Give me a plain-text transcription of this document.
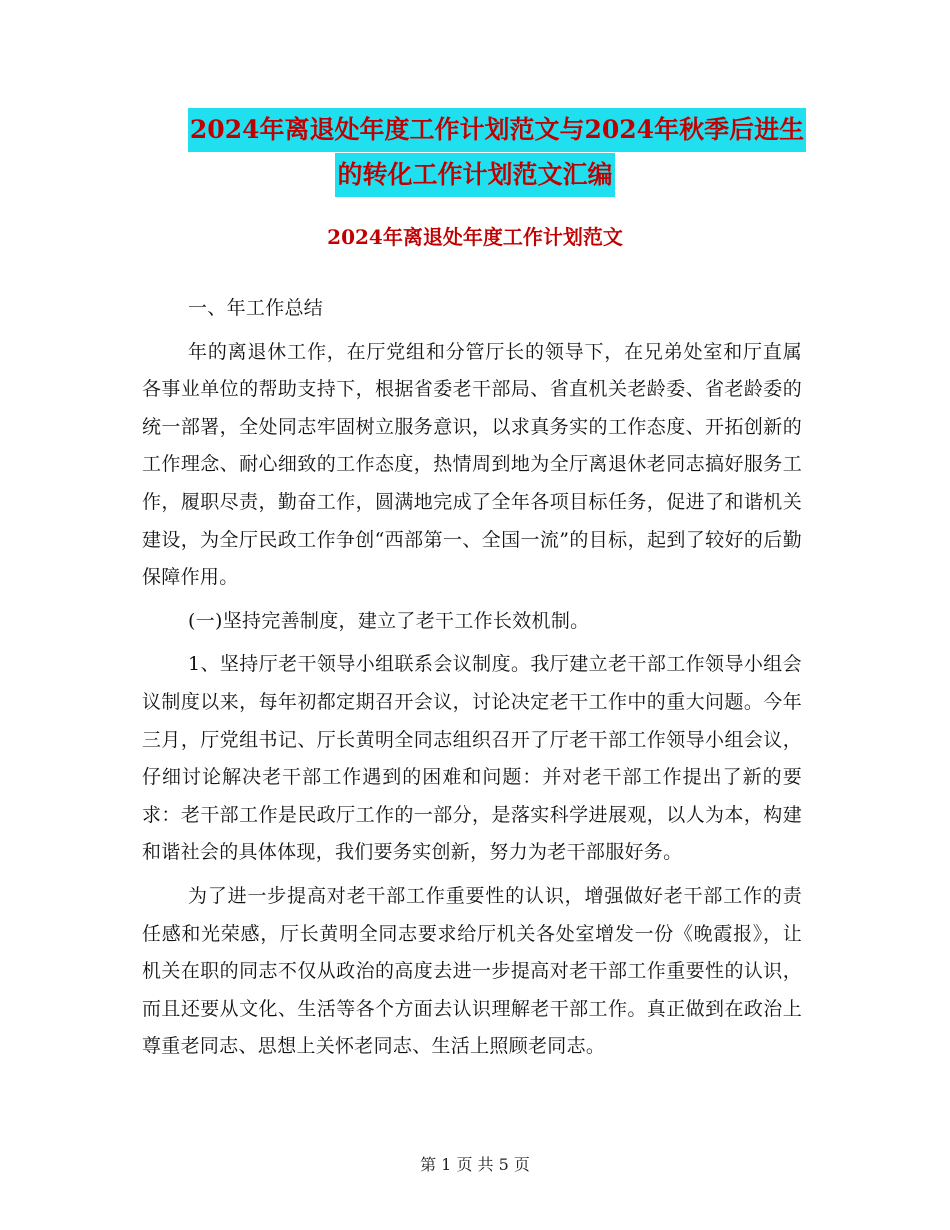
2024年离退处年度工作计划范文与2024年秋季后进生
的转化工作计划范文汇编
2024年离退处年度工作计划范文

一、年工作总结

年的离退休工作，在厅党组和分管厅长的领导下，在兄弟处室和厅直属各事业单位的帮助支持下，根据省委老干部局、省直机关老龄委、省老龄委的统一部署，全处同志牢固树立服务意识，以求真务实的工作态度、开拓创新的工作理念、耐心细致的工作态度，热情周到地为全厅离退休老同志搞好服务工作，履职尽责，勤奋工作，圆满地完成了全年各项目标任务，促进了和谐机关建设，为全厅民政工作争创“西部第一、全国一流”的目标，起到了较好的后勤保障作用。

(一)坚持完善制度，建立了老干工作长效机制。

1、坚持厅老干领导小组联系会议制度。我厅建立老干部工作领导小组会议制度以来，每年初都定期召开会议，讨论决定老干工作中的重大问题。今年三月，厅党组书记、厅长黄明全同志组织召开了厅老干部工作领导小组会议，仔细讨论解决老干部工作遇到的困难和问题：并对老干部工作提出了新的要求：老干部工作是民政厅工作的一部分，是落实科学进展观，以人为本，构建和谐社会的具体体现，我们要务实创新，努力为老干部服好务。

为了进一步提高对老干部工作重要性的认识，增强做好老干部工作的责任感和光荣感，厅长黄明全同志要求给厅机关各处室增发一份《晚霞报》，让机关在职的同志不仅从政治的高度去进一步提高对老干部工作重要性的认识，而且还要从文化、生活等各个方面去认识理解老干部工作。真正做到在政治上尊重老同志、思想上关怀老同志、生活上照顾老同志。

第 1 页 共 5 页
